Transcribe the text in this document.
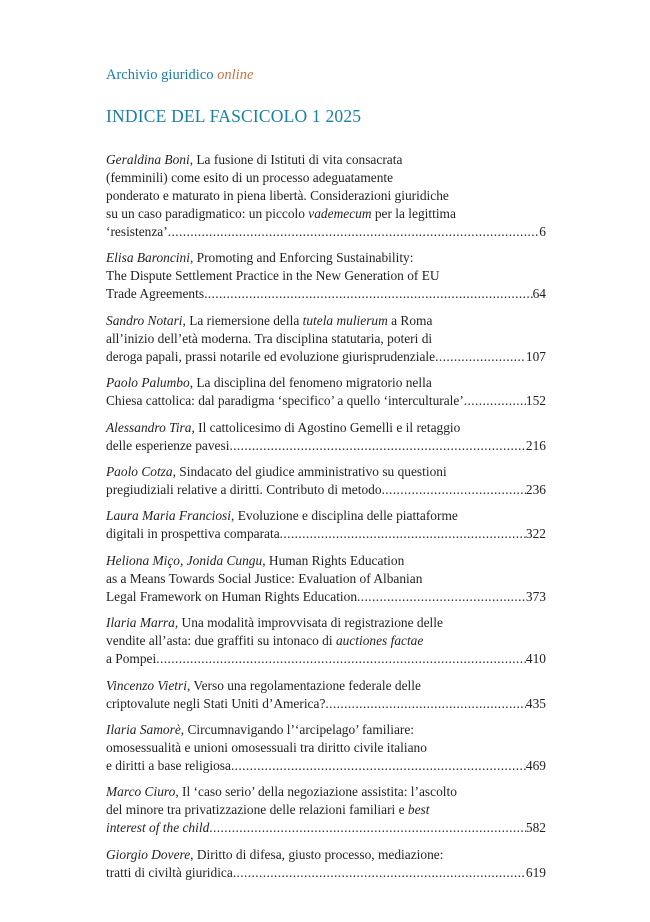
Archivio giuridico online
INDICE DEL FASCICOLO 1 2025
Geraldina Boni, La fusione di Istituti di vita consacrata
(femminili) come esito di un processo adeguatamente
ponderato e maturato in piena libertà. Considerazioni giuridiche
su un caso paradigmatico: un piccolo vademecum per la legittima
‘resistenza’ .....	6
Elisa Baroncini, Promoting and Enforcing Sustainability:
The Dispute Settlement Practice in the New Generation of EU
Trade Agreements .....	64
Sandro Notari, La riemersione della tutela mulierum a Roma
all’inizio dell’età moderna. Tra disciplina statutaria, poteri di
deroga papali, prassi notarile ed evoluzione giurisprudenziale .....	107
Paolo Palumbo, La disciplina del fenomeno migratorio nella
Chiesa cattolica: dal paradigma ‘specifico’ a quello ‘interculturale’ .....	152
Alessandro Tira, Il cattolicesimo di Agostino Gemelli e il retaggio
delle esperienze pavesi .....	216
Paolo Cotza, Sindacato del giudice amministrativo su questioni
pregiudiziali relative a diritti. Contributo di metodo .....	236
Laura Maria Franciosi, Evoluzione e disciplina delle piattaforme
digitali in prospettiva comparata .....	322
Heliona Miço, Jonida Cungu, Human Rights Education
as a Means Towards Social Justice: Evaluation of Albanian
Legal Framework on Human Rights Education .....	373
Ilaria Marra, Una modalità improvvisata di registrazione delle
vendite all’asta: due graffiti su intonaco di auctiones factae
a Pompei .....	410
Vincenzo Vietri, Verso una regolamentazione federale delle
criptovalute negli Stati Uniti d’America? .....	435
Ilaria Samorè, Circumnavigando l’‘arcipelago’ familiare:
omosessualità e unioni omosessuali tra diritto civile italiano
e diritti a base religiosa .....	469
Marco Ciuro, Il ‘caso serio’ della negoziazione assistita: l’ascolto
del minore tra privatizzazione delle relazioni familiari e best
interest of the child .....	582
Giorgio Dovere, Diritto di difesa, giusto processo, mediazione:
tratti di civiltà giuridica .....	619
